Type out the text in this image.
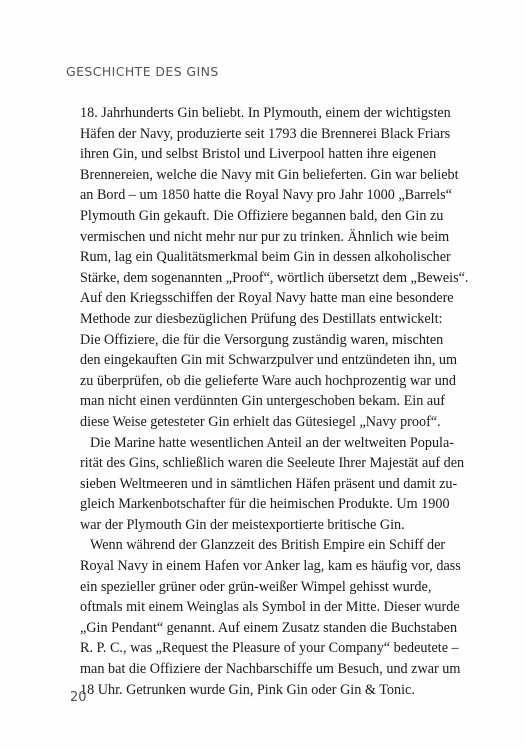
GESCHICHTE DES GINS
18. Jahrhunderts Gin beliebt. In Plymouth, einem der wichtigsten
Häfen der Navy, produzierte seit 1793 die Brennerei Black Friars
ihren Gin, und selbst Bristol und Liverpool hatten ihre eigenen
Brennereien, welche die Navy mit Gin belieferten. Gin war beliebt
an Bord – um 1850 hatte die Royal Navy pro Jahr 1000 „Barrels“
Plymouth Gin gekauft. Die Offiziere begannen bald, den Gin zu
vermischen und nicht mehr nur pur zu trinken. Ähnlich wie beim
Rum, lag ein Qualitätsmerkmal beim Gin in dessen alkoholischer
Stärke, dem sogenannten „Proof“, wörtlich übersetzt dem „Beweis“.
Auf den Kriegsschiffen der Royal Navy hatte man eine besondere
Methode zur diesbezüglichen Prüfung des Destillats entwickelt:
Die Offiziere, die für die Versorgung zuständig waren, mischten
den eingekauften Gin mit Schwarzpulver und entzündeten ihn, um
zu überprüfen, ob die gelieferte Ware auch hochprozentig war und
man nicht einen verdünnten Gin untergeschoben bekam. Ein auf
diese Weise getesteter Gin erhielt das Gütesiegel „Navy proof“.
Die Marine hatte wesentlichen Anteil an der weltweiten Popula-
rität des Gins, schließlich waren die Seeleute Ihrer Majestät auf den
sieben Weltmeeren und in sämtlichen Häfen präsent und damit zu-
gleich Markenbotschafter für die heimischen Produkte. Um 1900
war der Plymouth Gin der meistexportierte britische Gin.
Wenn während der Glanzzeit des British Empire ein Schiff der
Royal Navy in einem Hafen vor Anker lag, kam es häufig vor, dass
ein spezieller grüner oder grün-weißer Wimpel gehisst wurde,
oftmals mit einem Weinglas als Symbol in der Mitte. Dieser wurde
„Gin Pendant“ genannt. Auf einem Zusatz standen die Buchstaben
R. P. C., was „Request the Pleasure of your Company“ bedeutete –
man bat die Offiziere der Nachbarschiffe um Besuch, und zwar um
18 Uhr. Getrunken wurde Gin, Pink Gin oder Gin & Tonic.
20
